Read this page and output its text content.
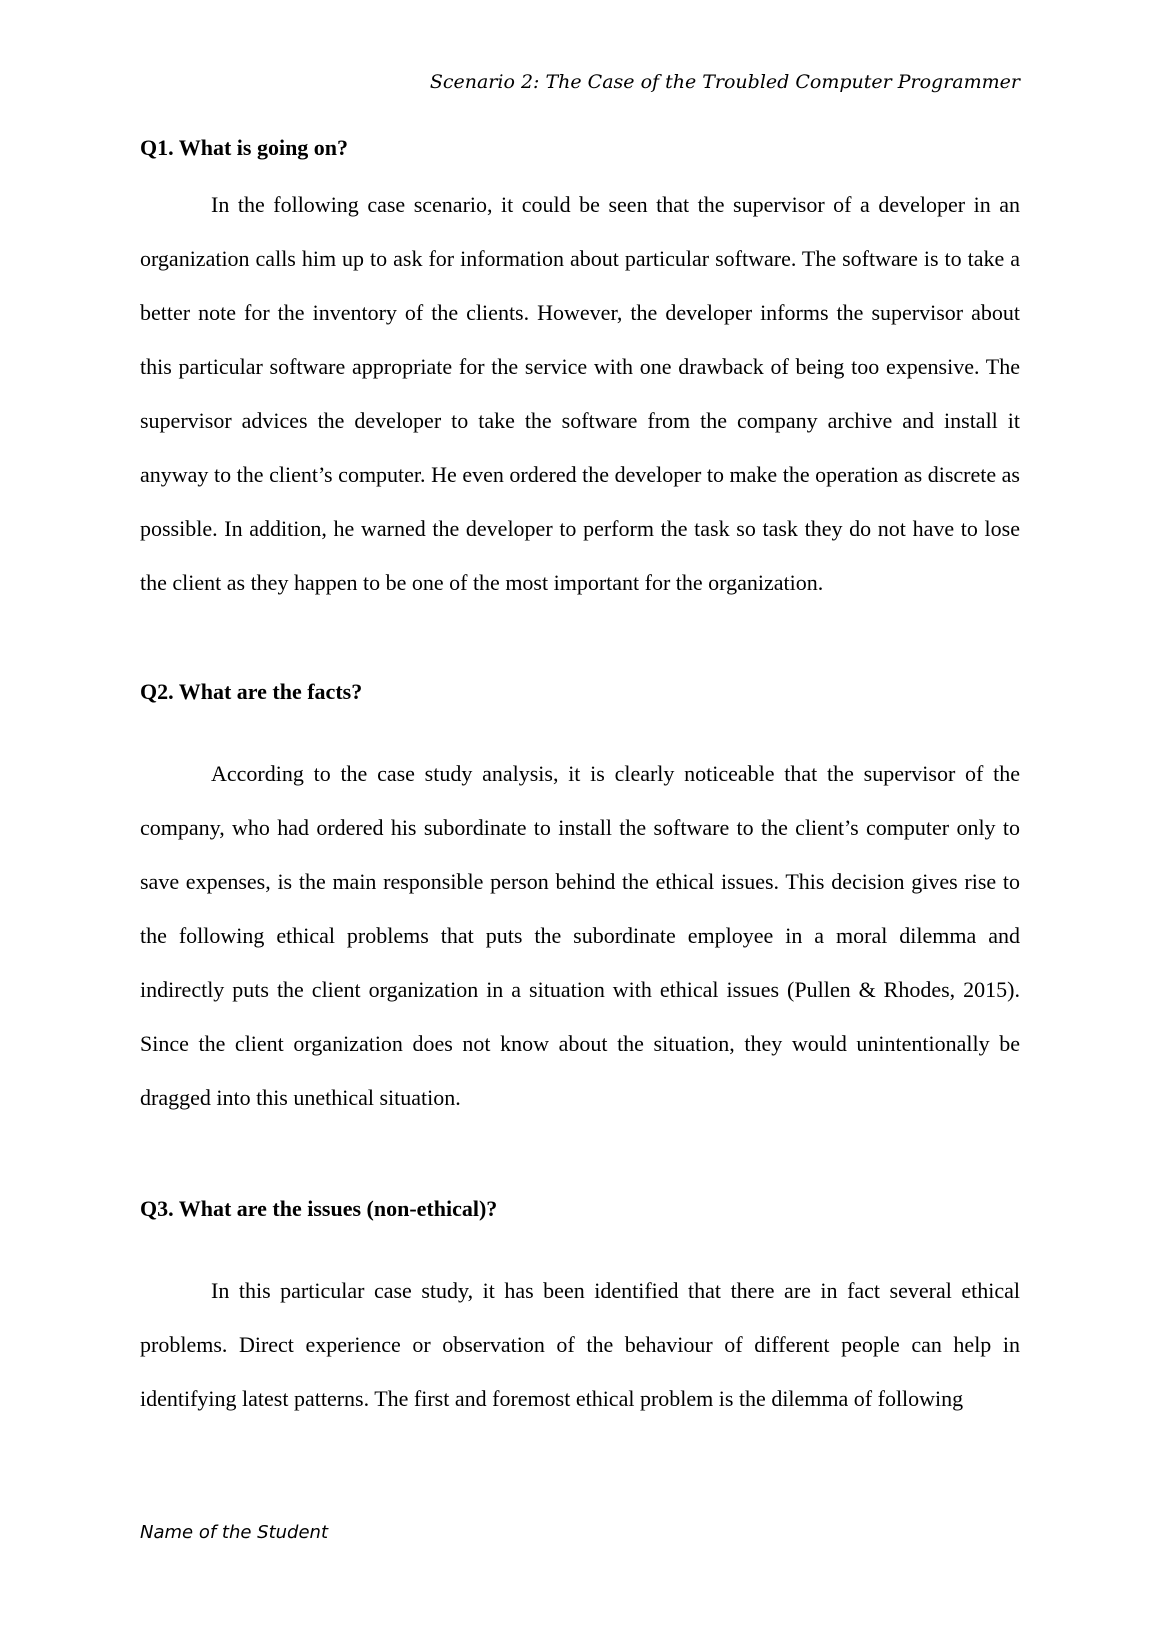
Scenario 2: The Case of the Troubled Computer Programmer

Q1. What is going on?

In the following case scenario, it could be seen that the supervisor of a developer in an organization calls him up to ask for information about particular software. The software is to take a better note for the inventory of the clients. However, the developer informs the supervisor about this particular software appropriate for the service with one drawback of being too expensive. The supervisor advices the developer to take the software from the company archive and install it anyway to the client’s computer. He even ordered the developer to make the operation as discrete as possible. In addition, he warned the developer to perform the task so task they do not have to lose the client as they happen to be one of the most important for the organization.

Q2. What are the facts?

According to the case study analysis, it is clearly noticeable that the supervisor of the company, who had ordered his subordinate to install the software to the client’s computer only to save expenses, is the main responsible person behind the ethical issues. This decision gives rise to the following ethical problems that puts the subordinate employee in a moral dilemma and indirectly puts the client organization in a situation with ethical issues (Pullen & Rhodes, 2015). Since the client organization does not know about the situation, they would unintentionally be dragged into this unethical situation.

Q3. What are the issues (non-ethical)?

In this particular case study, it has been identified that there are in fact several ethical problems. Direct experience or observation of the behaviour of different people can help in identifying latest patterns. The first and foremost ethical problem is the dilemma of following

Name of the Student
